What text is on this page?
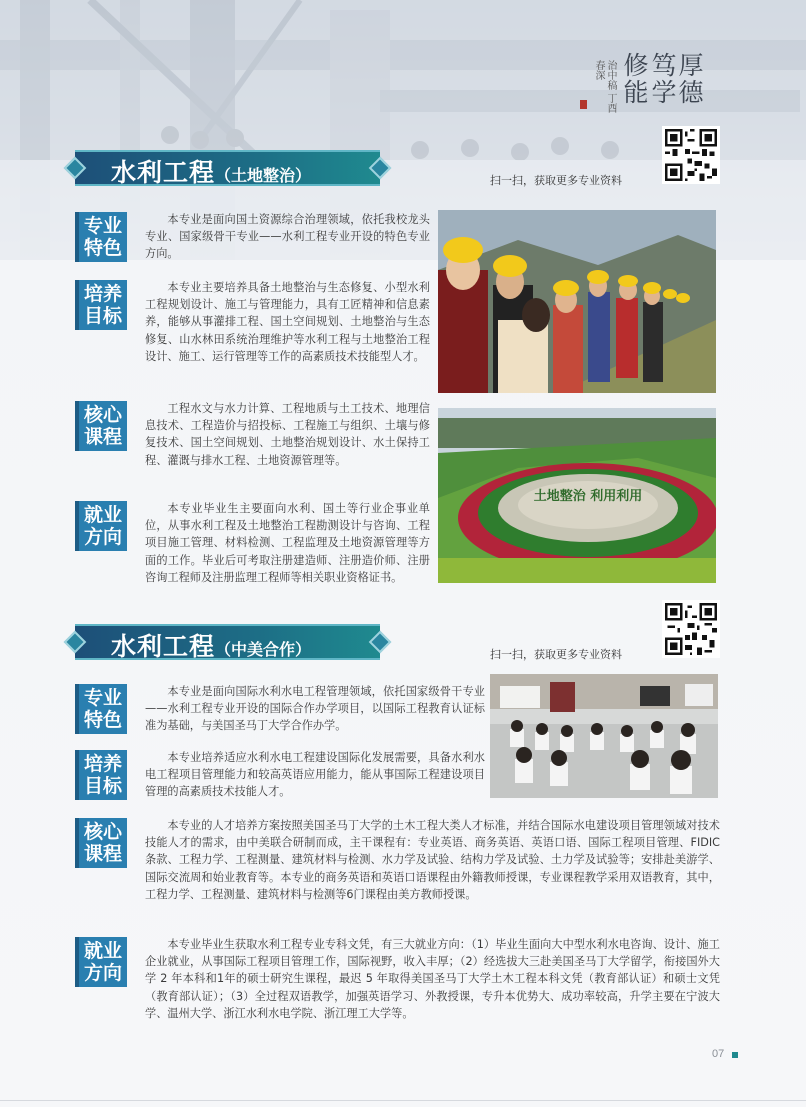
治中稿 丁酉春深 修能 笃学
厚德
水利工程（土地整治）	扫一扫，获取更多专业资料
专业
特色
本专业是面向国土资源综合治理领域，依托我校龙头专业、国家级骨干专业——水利工程专业开设的特色专业方向。
培养
目标
本专业主要培养具备土地整治与生态修复、小型水利工程规划设计、施工与管理能力，具有工匠精神和信息素养，能够从事灌排工程、国土空间规划、土地整治与生态修复、山水林田系统治理维护等水利工程与土地整治工程设计、施工、运行管理等工作的高素质技术技能型人才。
核心
课程
工程水文与水力计算、工程地质与土工技术、地理信息技术、工程造价与招投标、工程施工与组织、土壤与修复技术、国土空间规划、土地整治规划设计、水土保持工程、灌溉与排水工程、土地资源管理等。
就业
方向
本专业毕业生主要面向水利、国土等行业企事业单位，从事水利工程及土地整治工程勘测设计与咨询、工程项目施工管理、材料检测、工程监理及土地资源管理等方面的工作。毕业后可考取注册建造师、注册造价师、注册咨询工程师及注册监理工程师等相关职业资格证书。
土地整治 利用利用
水利工程（中美合作）	扫一扫，获取更多专业资料
专业
特色
本专业是面向国际水利水电工程管理领域，依托国家级骨干专业——水利工程专业开设的国际合作办学项目，以国际工程教育认证标准为基础，与美国圣马丁大学合作办学。
培养
目标
本专业培养适应水利水电工程建设国际化发展需要，具备水利水电工程项目管理能力和较高英语应用能力，能从事国际工程建设项目管理的高素质技术技能人才。
核心
课程
本专业的人才培养方案按照美国圣马丁大学的土木工程大类人才标准，并结合国际水电建设项目管理领域对技术技能人才的需求，由中美联合研制而成，主干课程有：专业英语、商务英语、英语口语、国际工程项目管理、FIDIC条款、工程力学、工程测量、建筑材料与检测、水力学及试验、结构力学及试验、土力学及试验等；安排赴美游学、国际交流周和始业教育等。本专业的商务英语和英语口语课程由外籍教师授课，专业课程教学采用双语教育，其中，工程力学、工程测量、建筑材料与检测等6门课程由美方教师授课。
就业
方向
本专业毕业生获取水利工程专业专科文凭，有三大就业方向：（1）毕业生面向大中型水利水电咨询、设计、施工企业就业，从事国际工程项目管理工作，国际视野，收入丰厚；（2）经选拔大三赴美国圣马丁大学留学，衔接国外大学 2 年本科和1年的硕士研究生课程，最迟 5 年取得美国圣马丁大学土木工程本科文凭（教育部认证）和硕士文凭（教育部认证）；（3）全过程双语教学，加强英语学习、外教授课，专升本优势大、成功率较高，升学主要在宁波大学、温州大学、浙江水利水电学院、浙江理工大学等。
07
